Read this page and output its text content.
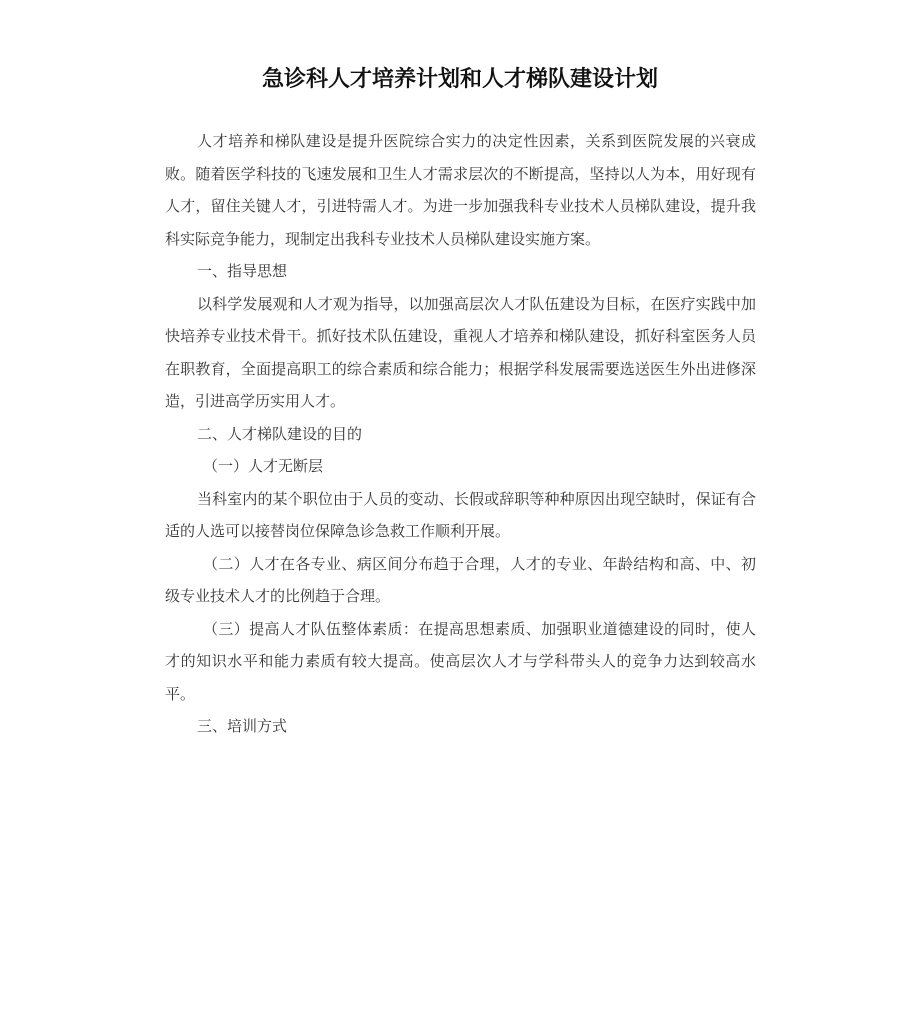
急诊科人才培养计划和人才梯队建设计划

人才培养和梯队建设是提升医院综合实力的决定性因素，关系到医院发展的兴衰成败。随着医学科技的飞速发展和卫生人才需求层次的不断提高，坚持以人为本，用好现有人才，留住关键人才，引进特需人才。为进一步加强我科专业技术人员梯队建设，提升我科实际竞争能力，现制定出我科专业技术人员梯队建设实施方案。

一、指导思想

以科学发展观和人才观为指导，以加强高层次人才队伍建设为目标，在医疗实践中加快培养专业技术骨干。抓好技术队伍建设，重视人才培养和梯队建设，抓好科室医务人员在职教育，全面提高职工的综合素质和综合能力；根据学科发展需要选送医生外出进修深造，引进高学历实用人才。

二、人才梯队建设的目的

（一）人才无断层

当科室内的某个职位由于人员的变动、长假或辞职等种种原因出现空缺时，保证有合适的人选可以接替岗位保障急诊急救工作顺利开展。

（二）人才在各专业、病区间分布趋于合理，人才的专业、年龄结构和高、中、初级专业技术人才的比例趋于合理。

（三）提高人才队伍整体素质：在提高思想素质、加强职业道德建设的同时，使人才的知识水平和能力素质有较大提高。使高层次人才与学科带头人的竞争力达到较高水平。

三、培训方式
